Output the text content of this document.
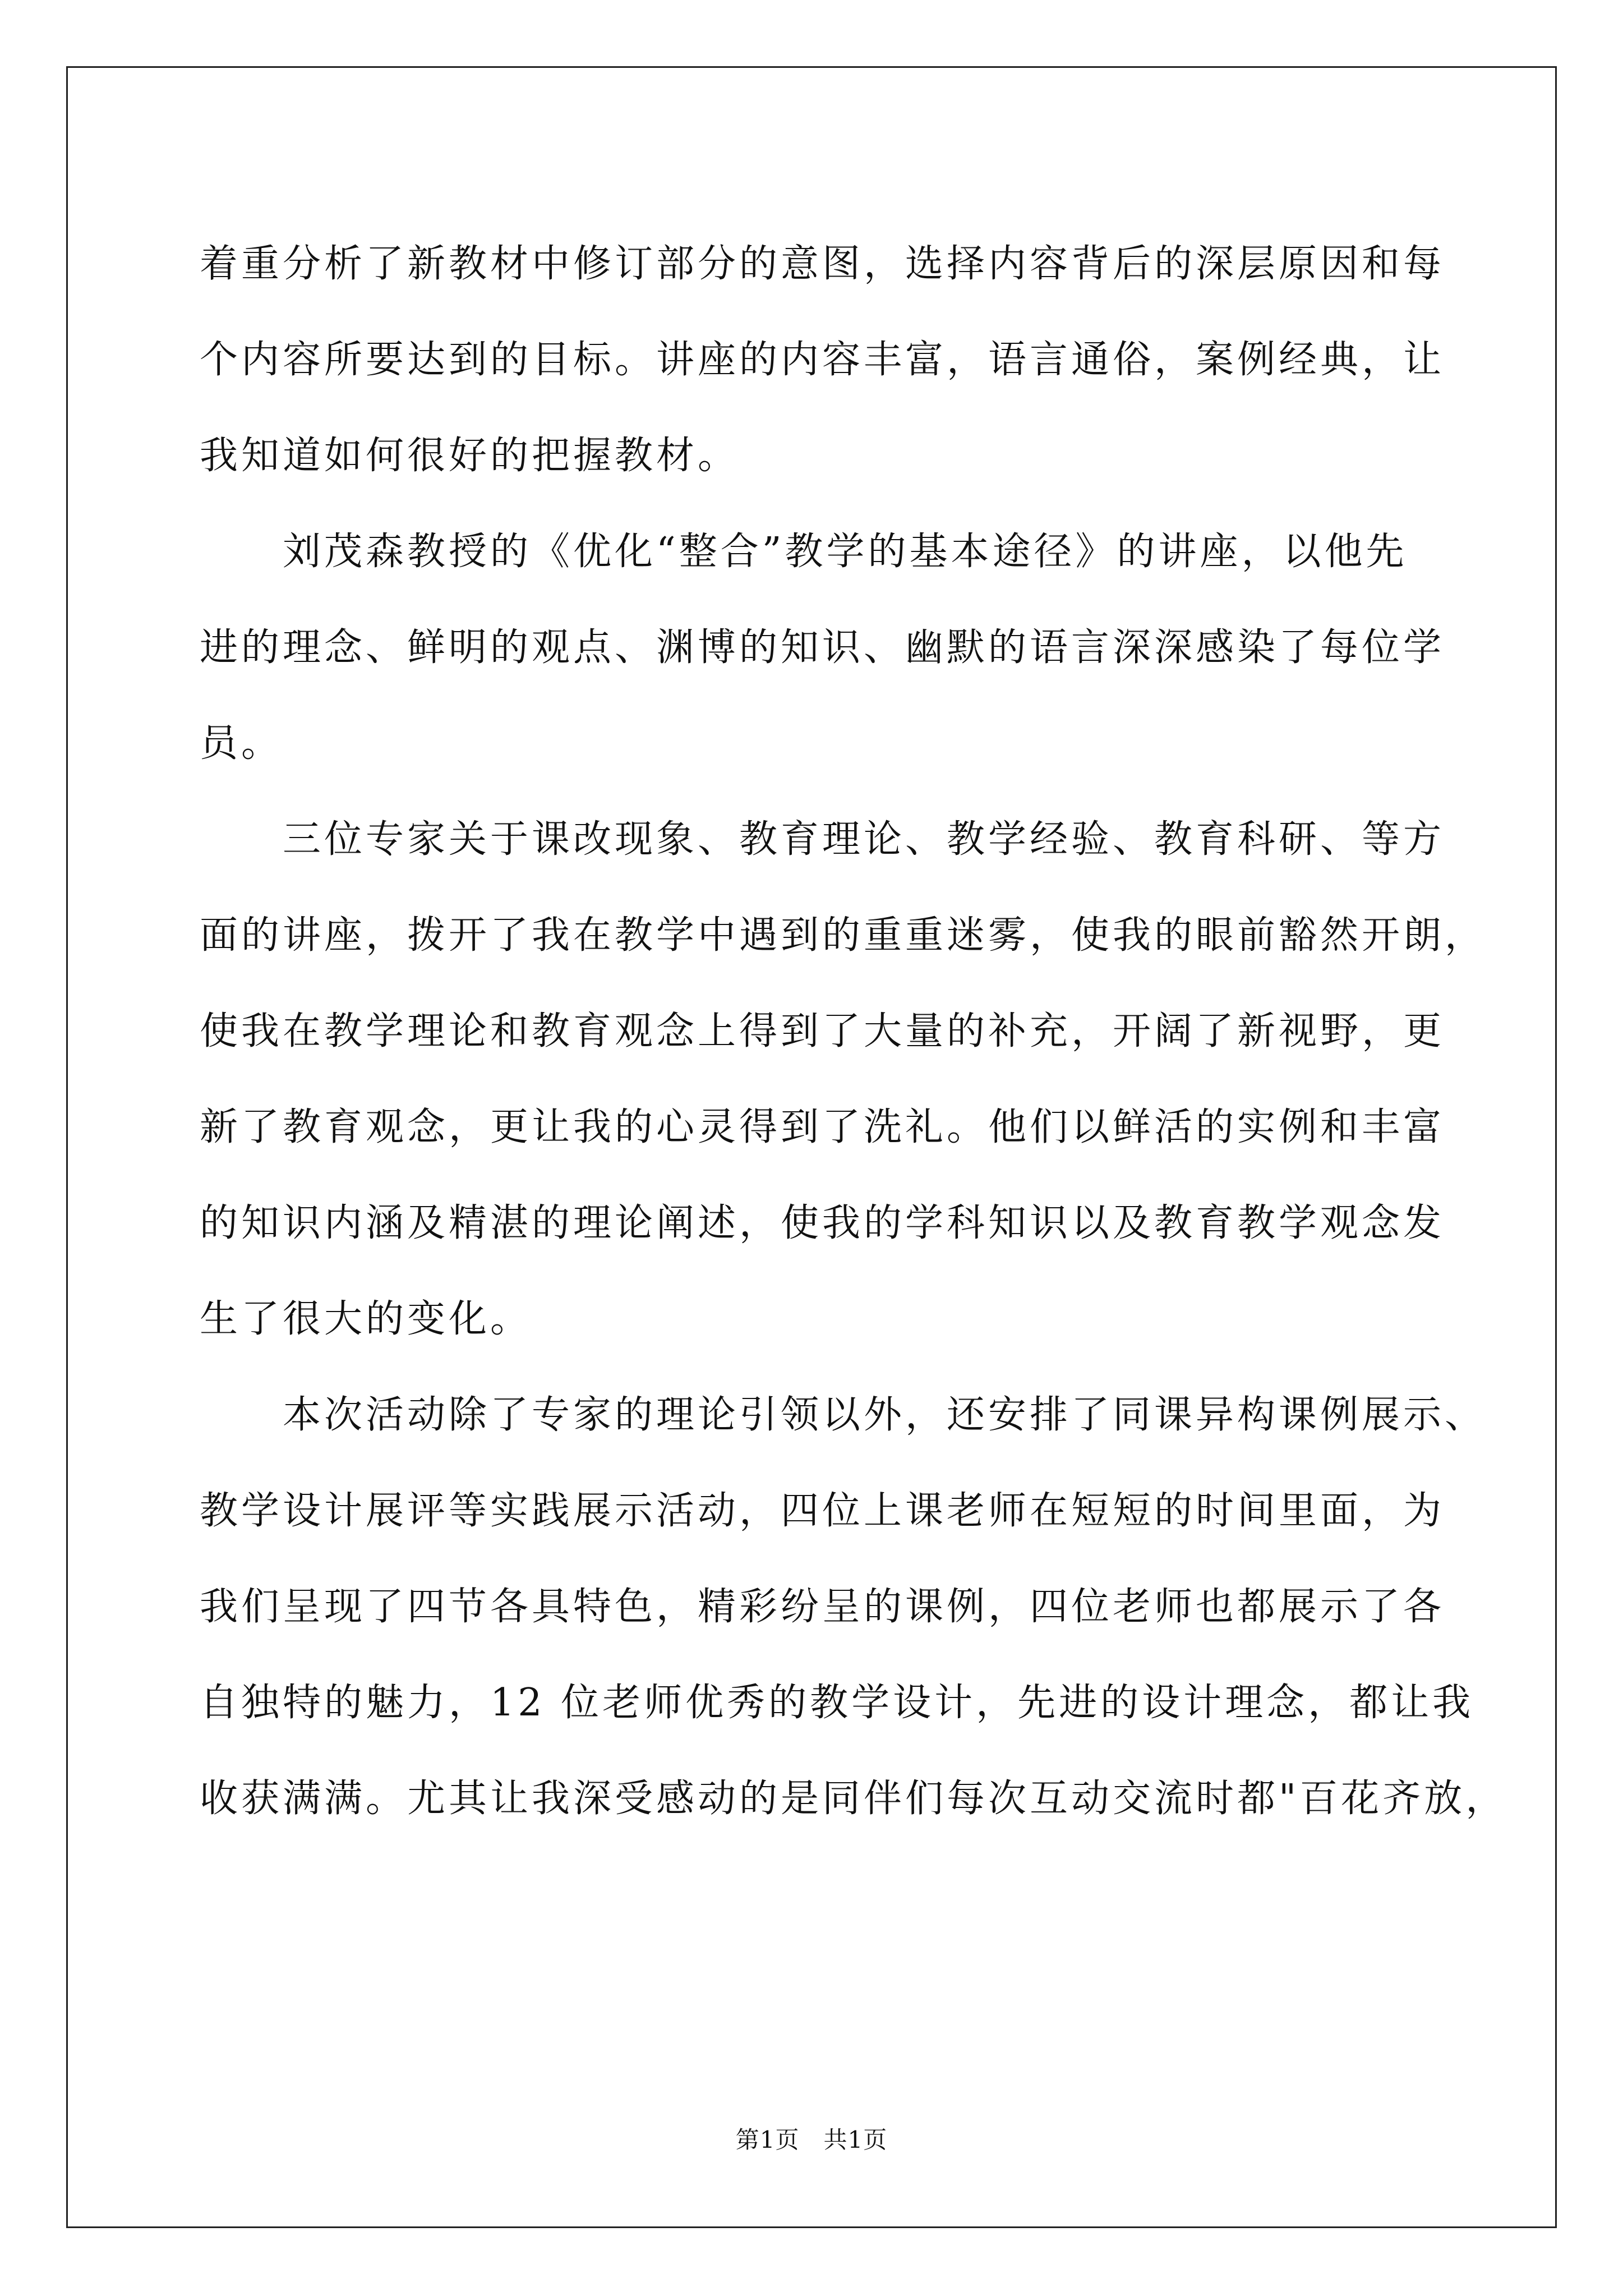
着重分析了新教材中修订部分的意图，选择内容背后的深层原因和每
个内容所要达到的目标。讲座的内容丰富，语言通俗，案例经典，让
我知道如何很好的把握教材。
　　刘茂森教授的《优化“整合”教学的基本途径》的讲座，以他先
进的理念、鲜明的观点、渊博的知识、幽默的语言深深感染了每位学
员。
　　三位专家关于课改现象、教育理论、教学经验、教育科研、等方
面的讲座，拨开了我在教学中遇到的重重迷雾，使我的眼前豁然开朗，
使我在教学理论和教育观念上得到了大量的补充，开阔了新视野，更
新了教育观念，更让我的心灵得到了洗礼。他们以鲜活的实例和丰富
的知识内涵及精湛的理论阐述，使我的学科知识以及教育教学观念发
生了很大的变化。
　　本次活动除了专家的理论引领以外，还安排了同课异构课例展示、
教学设计展评等实践展示活动，四位上课老师在短短的时间里面，为
我们呈现了四节各具特色，精彩纷呈的课例，四位老师也都展示了各
自独特的魅力，12 位老师优秀的教学设计，先进的设计理念，都让我
收获满满。尤其让我深受感动的是同伴们每次互动交流时都"百花齐放，
第1页　共1页
